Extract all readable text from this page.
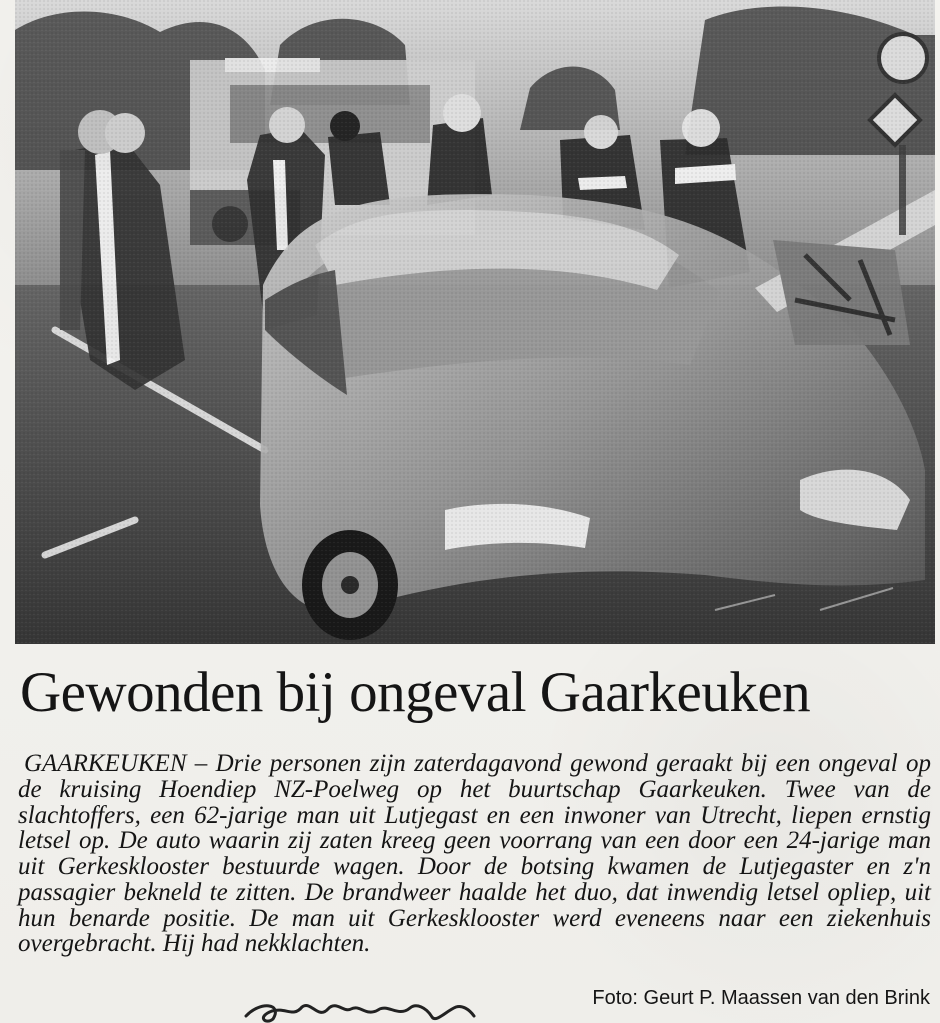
Gewonden bij ongeval Gaarkeuken

GAARKEUKEN – Drie personen zijn zaterdagavond gewond geraakt bij een ongeval op de kruising Hoendiep NZ-Poelweg op het buurtschap Gaarkeuken. Twee van de slachtoffers, een 62-jarige man uit Lutjegast en een inwoner van Utrecht, liepen ernstig letsel op. De auto waarin zij zaten kreeg geen voorrang van een door een 24-jarige man uit Gerkesklooster bestuurde wagen. Door de botsing kwamen de Lutjegaster en z'n passagier bekneld te zitten. De brandweer haalde het duo, dat inwendig letsel opliep, uit hun benarde positie. De man uit Gerkesklooster werd eveneens naar een ziekenhuis overgebracht. Hij had nekklachten.

Foto: Geurt P. Maassen van den Brink
